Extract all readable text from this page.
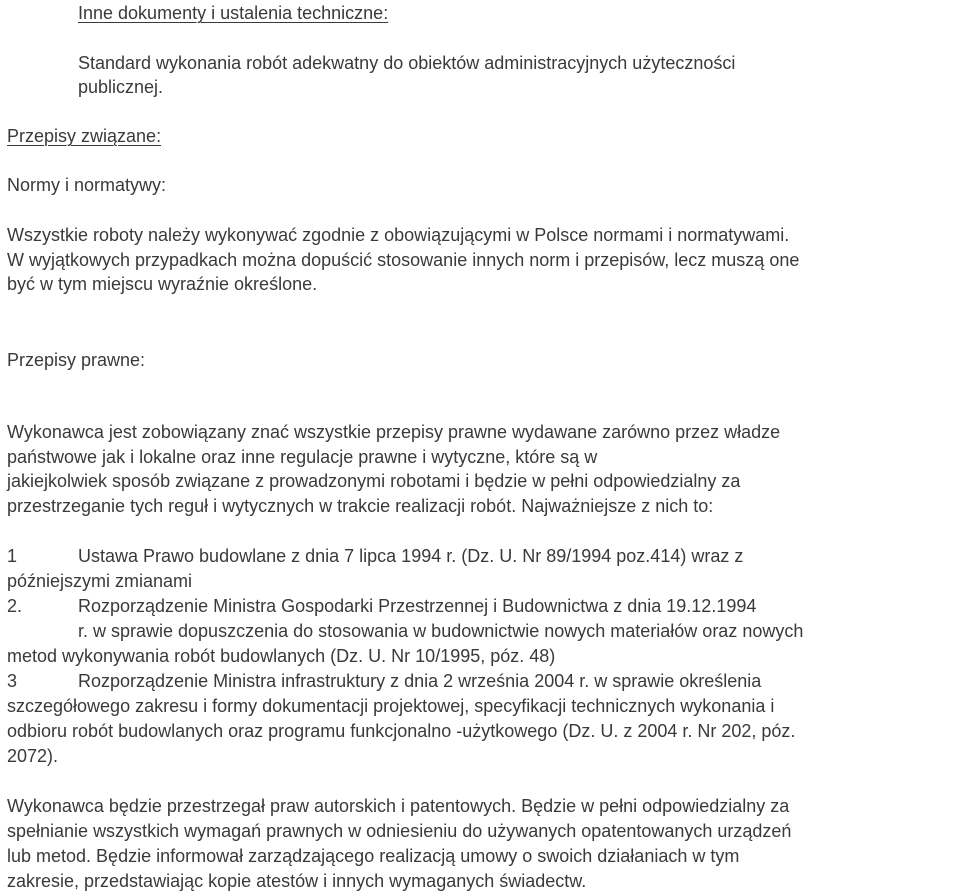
Inne dokumenty i ustalenia techniczne:
Standard wykonania robót adekwatny do obiektów administracyjnych użyteczności
publicznej.
Przepisy związane:
Normy i normatywy:
Wszystkie roboty należy wykonywać zgodnie z obowiązującymi w Polsce normami i normatywami.
W wyjątkowych przypadkach można dopuścić stosowanie innych norm i przepisów, lecz muszą one
być w tym miejscu wyraźnie określone.
Przepisy prawne:
Wykonawca jest zobowiązany znać wszystkie przepisy prawne wydawane zarówno przez władze
państwowe jak i lokalne oraz inne regulacje prawne i wytyczne, które są w
jakiejkolwiek sposób związane z prowadzonymi robotami i będzie w pełni odpowiedzialny za
przestrzeganie tych reguł i wytycznych w trakcie realizacji robót. Najważniejsze z nich to:
1	Ustawa Prawo budowlane z dnia 7 lipca 1994 r. (Dz. U. Nr 89/1994 poz.414) wraz z
późniejszymi zmianami
2.	Rozporządzenie Ministra Gospodarki Przestrzennej i Budownictwa z dnia 19.12.1994
r. w sprawie dopuszczenia do stosowania w budownictwie nowych materiałów oraz nowych
metod wykonywania robót budowlanych (Dz. U. Nr 10/1995, póz. 48)
3	Rozporządzenie Ministra infrastruktury z dnia 2 września 2004 r. w sprawie określenia
szczegółowego zakresu i formy dokumentacji projektowej, specyfikacji technicznych wykonania i
odbioru robót budowlanych oraz programu funkcjonalno -użytkowego (Dz. U. z 2004 r. Nr 202, póz.
2072).
Wykonawca będzie przestrzegał praw autorskich i patentowych. Będzie w pełni odpowiedzialny za
spełnianie wszystkich wymagań prawnych w odniesieniu do używanych opatentowanych urządzeń
lub metod. Będzie informował zarządzającego realizacją umowy o swoich działaniach w tym
zakresie, przedstawiając kopie atestów i innych wymaganych świadectw.
